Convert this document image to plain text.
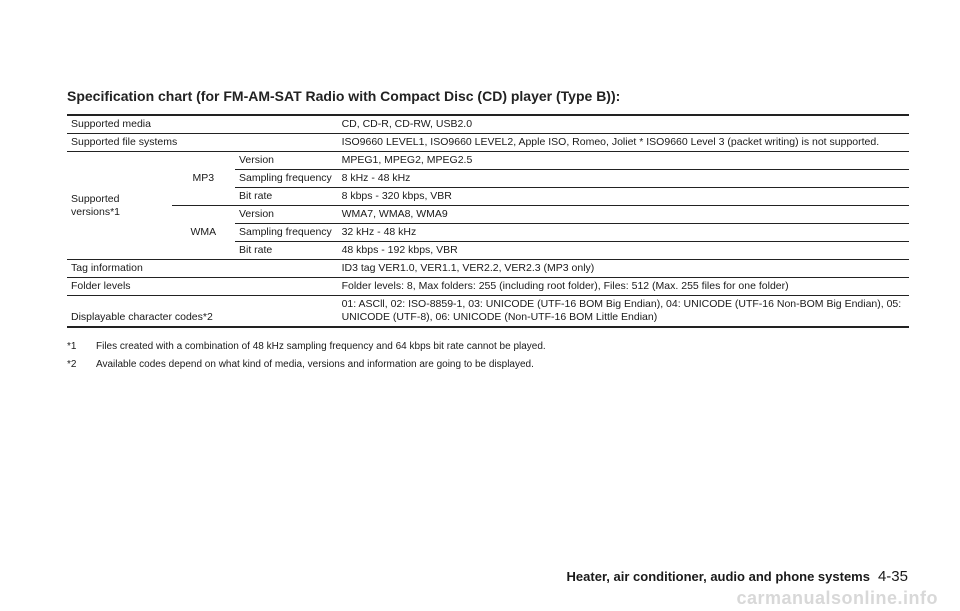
Specification chart (for FM-AM-SAT Radio with Compact Disc (CD) player (Type B)):
Supported media			CD, CD-R, CD-RW, USB2.0
Supported file systems			ISO9660 LEVEL1, ISO9660 LEVEL2, Apple ISO, Romeo, Joliet * ISO9660 Level 3 (packet writing) is not supported.
Supported versions*1	MP3	Version	MPEG1, MPEG2, MPEG2.5
		Sampling frequency	8 kHz - 48 kHz
		Bit rate	8 kbps - 320 kbps, VBR
	WMA	Version	WMA7, WMA8, WMA9
		Sampling frequency	32 kHz - 48 kHz
		Bit rate	48 kbps - 192 kbps, VBR
Tag information			ID3 tag VER1.0, VER1.1, VER2.2, VER2.3 (MP3 only)
Folder levels			Folder levels: 8, Max folders: 255 (including root folder), Files: 512 (Max. 255 files for one folder)
Displayable character codes*2			01: ASCll, 02: ISO-8859-1, 03: UNICODE (UTF-16 BOM Big Endian), 04: UNICODE (UTF-16 Non-BOM Big Endian), 05: UNICODE (UTF-8), 06: UNICODE (Non-UTF-16 BOM Little Endian)
*1	Files created with a combination of 48 kHz sampling frequency and 64 kbps bit rate cannot be played.
*2	Available codes depend on what kind of media, versions and information are going to be displayed.
Heater, air conditioner, audio and phone systems 4-35
carmanualsonline.info
